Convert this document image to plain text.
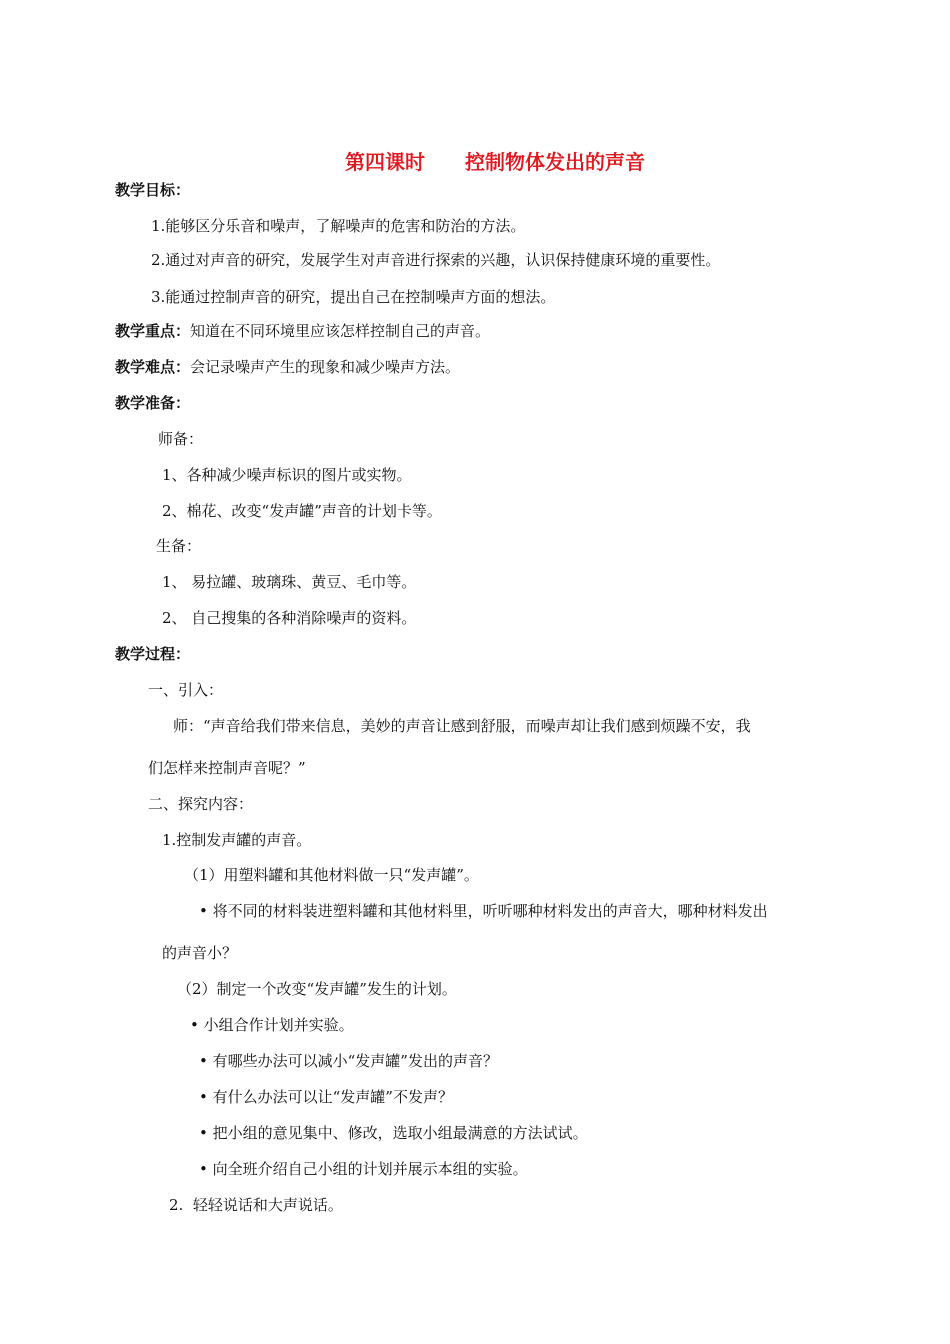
第四课时　　控制物体发出的声音
教学目标：
1.能够区分乐音和噪声，了解噪声的危害和防治的方法。
2.通过对声音的研究，发展学生对声音进行探索的兴趣，认识保持健康环境的重要性。
3.能通过控制声音的研究，提出自己在控制噪声方面的想法。
教学重点：知道在不同环境里应该怎样控制自己的声音。
教学难点：会记录噪声产生的现象和减少噪声方法。
教学准备：
师备：
1、各种减少噪声标识的图片或实物。
2、棉花、改变“发声罐”声音的计划卡等。
生备：
1、 易拉罐、玻璃珠、黄豆、毛巾等。
2、 自己搜集的各种消除噪声的资料。
教学过程：
一、引入：
师：“声音给我们带来信息，美妙的声音让感到舒服，而噪声却让我们感到烦躁不安，我
们怎样来控制声音呢？”
二、探究内容：
1.控制发声罐的声音。
（1）用塑料罐和其他材料做一只“发声罐”。
• 将不同的材料装进塑料罐和其他材料里，听听哪种材料发出的声音大，哪种材料发出
的声音小？
（2）制定一个改变“发声罐”发生的计划。
• 小组合作计划并实验。
• 有哪些办法可以减小“发声罐”发出的声音？
• 有什么办法可以让“发声罐”不发声？
• 把小组的意见集中、修改，选取小组最满意的方法试试。
• 向全班介绍自己小组的计划并展示本组的实验。
2.  轻轻说话和大声说话。
